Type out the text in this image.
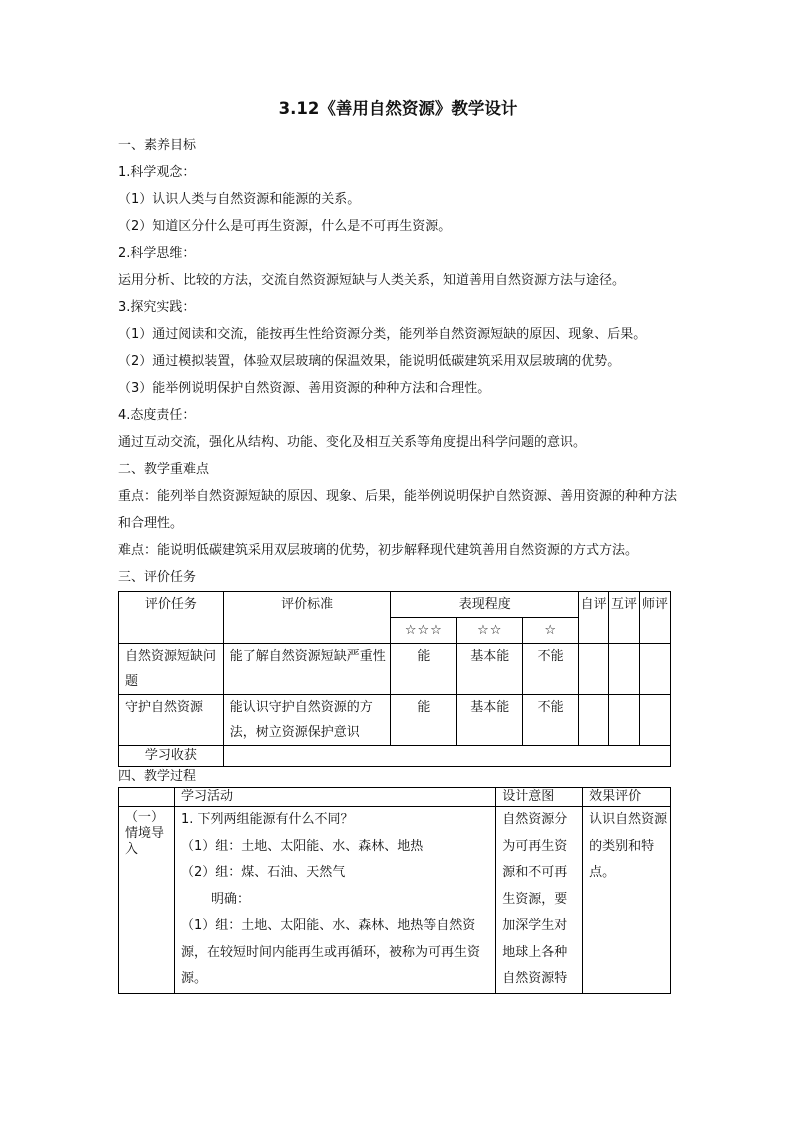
3.12《善用自然资源》教学设计
一、素养目标
1.科学观念：
（1）认识人类与自然资源和能源的关系。
（2）知道区分什么是可再生资源，什么是不可再生资源。
2.科学思维：
运用分析、比较的方法，交流自然资源短缺与人类关系，知道善用自然资源方法与途径。
3.探究实践：
（1）通过阅读和交流，能按再生性给资源分类，能列举自然资源短缺的原因、现象、后果。
（2）通过模拟装置，体验双层玻璃的保温效果，能说明低碳建筑采用双层玻璃的优势。
（3）能举例说明保护自然资源、善用资源的种种方法和合理性。
4.态度责任：
通过互动交流，强化从结构、功能、变化及相互关系等角度提出科学问题的意识。
二、教学重难点
重点：能列举自然资源短缺的原因、现象、后果，能举例说明保护自然资源、善用资源的种种方法和合理性。
难点：能说明低碳建筑采用双层玻璃的优势，初步解释现代建筑善用自然资源的方式方法。
三、评价任务
评价任务	评价标准	表现程度			自评	互评	师评
		☆☆☆	☆☆	☆			
自然资源短缺问题	能了解自然资源短缺严重性	能	基本能	不能			
守护自然资源	能认识守护自然资源的方法，树立资源保护意识	能	基本能	不能			
学习收获							
四、教学过程
	学习活动	设计意图	效果评价
（一）情境导入	1. 下列两组能源有什么不同？
（1）组：土地、太阳能、水、森林、地热
（2）组：煤、石油、天然气
明确：
（1）组：土地、太阳能、水、森林、地热等自然资源，在较短时间内能再生或再循环，被称为可再生资源。	自然资源分为可再生资源和不可再生资源，要加深学生对地球上各种自然资源特	认识自然资源的类别和特点。
